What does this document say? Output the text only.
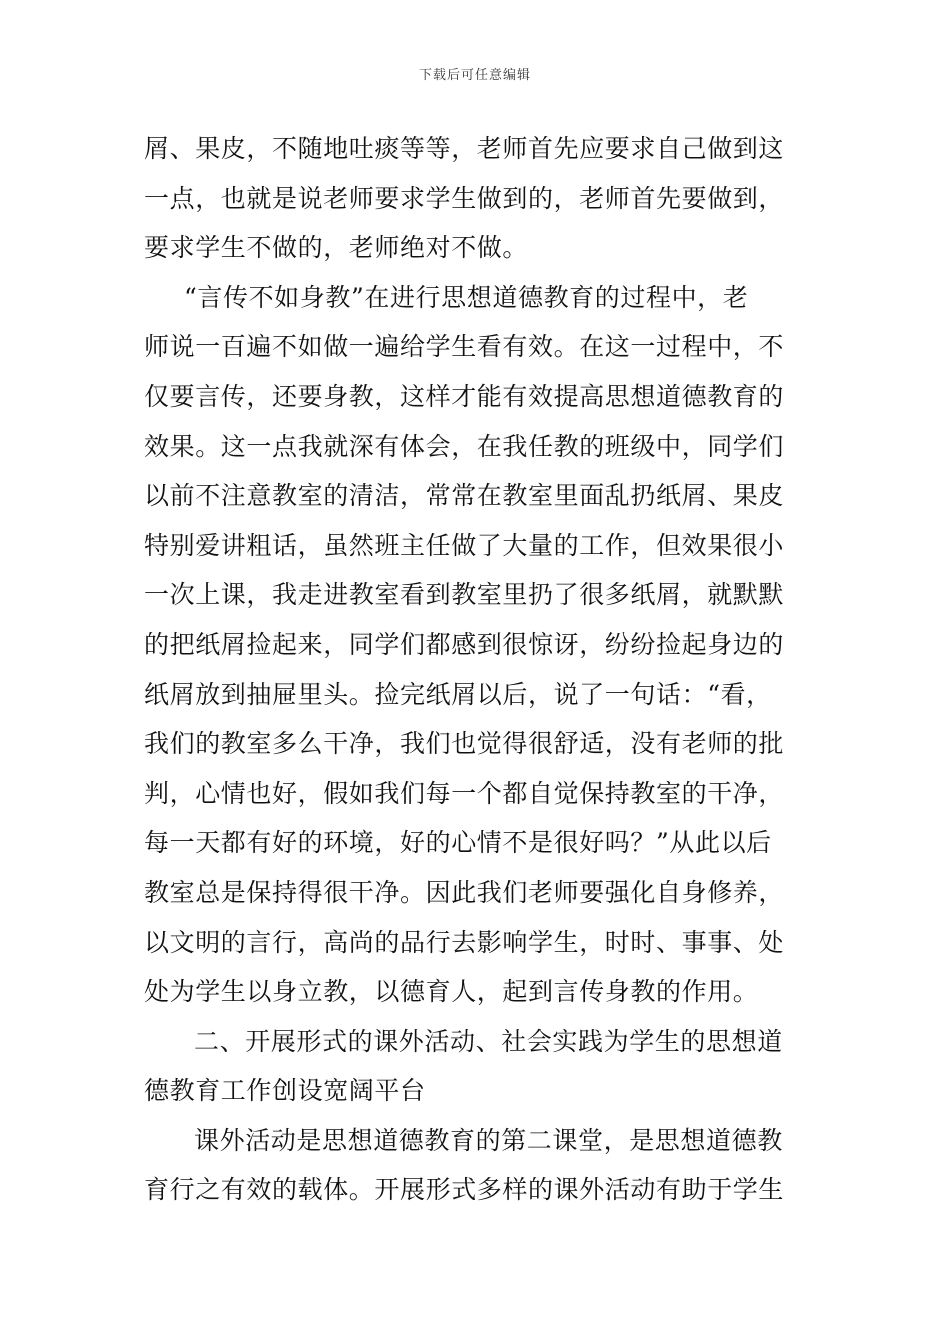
下载后可任意编辑
屑、果皮，不随地吐痰等等，老师首先应要求自己做到这
一点，也就是说老师要求学生做到的，老师首先要做到，
要求学生不做的，老师绝对不做。
“言传不如身教”在进行思想道德教育的过程中，老
师说一百遍不如做一遍给学生看有效。在这一过程中，不
仅要言传，还要身教，这样才能有效提高思想道德教育的
效果。这一点我就深有体会，在我任教的班级中，同学们
以前不注意教室的清洁，常常在教室里面乱扔纸屑、果皮
特别爱讲粗话，虽然班主任做了大量的工作，但效果很小
一次上课，我走进教室看到教室里扔了很多纸屑，就默默
的把纸屑捡起来，同学们都感到很惊讶，纷纷捡起身边的
纸屑放到抽屉里头。捡完纸屑以后，说了一句话：“看，
我们的教室多么干净，我们也觉得很舒适，没有老师的批
判，心情也好，假如我们每一个都自觉保持教室的干净，
每一天都有好的环境，好的心情不是很好吗？”从此以后
教室总是保持得很干净。因此我们老师要强化自身修养，
以文明的言行，高尚的品行去影响学生，时时、事事、处
处为学生以身立教，以德育人，起到言传身教的作用。
二、开展形式的课外活动、社会实践为学生的思想道
德教育工作创设宽阔平台
课外活动是思想道德教育的第二课堂，是思想道德教
育行之有效的载体。开展形式多样的课外活动有助于学生
